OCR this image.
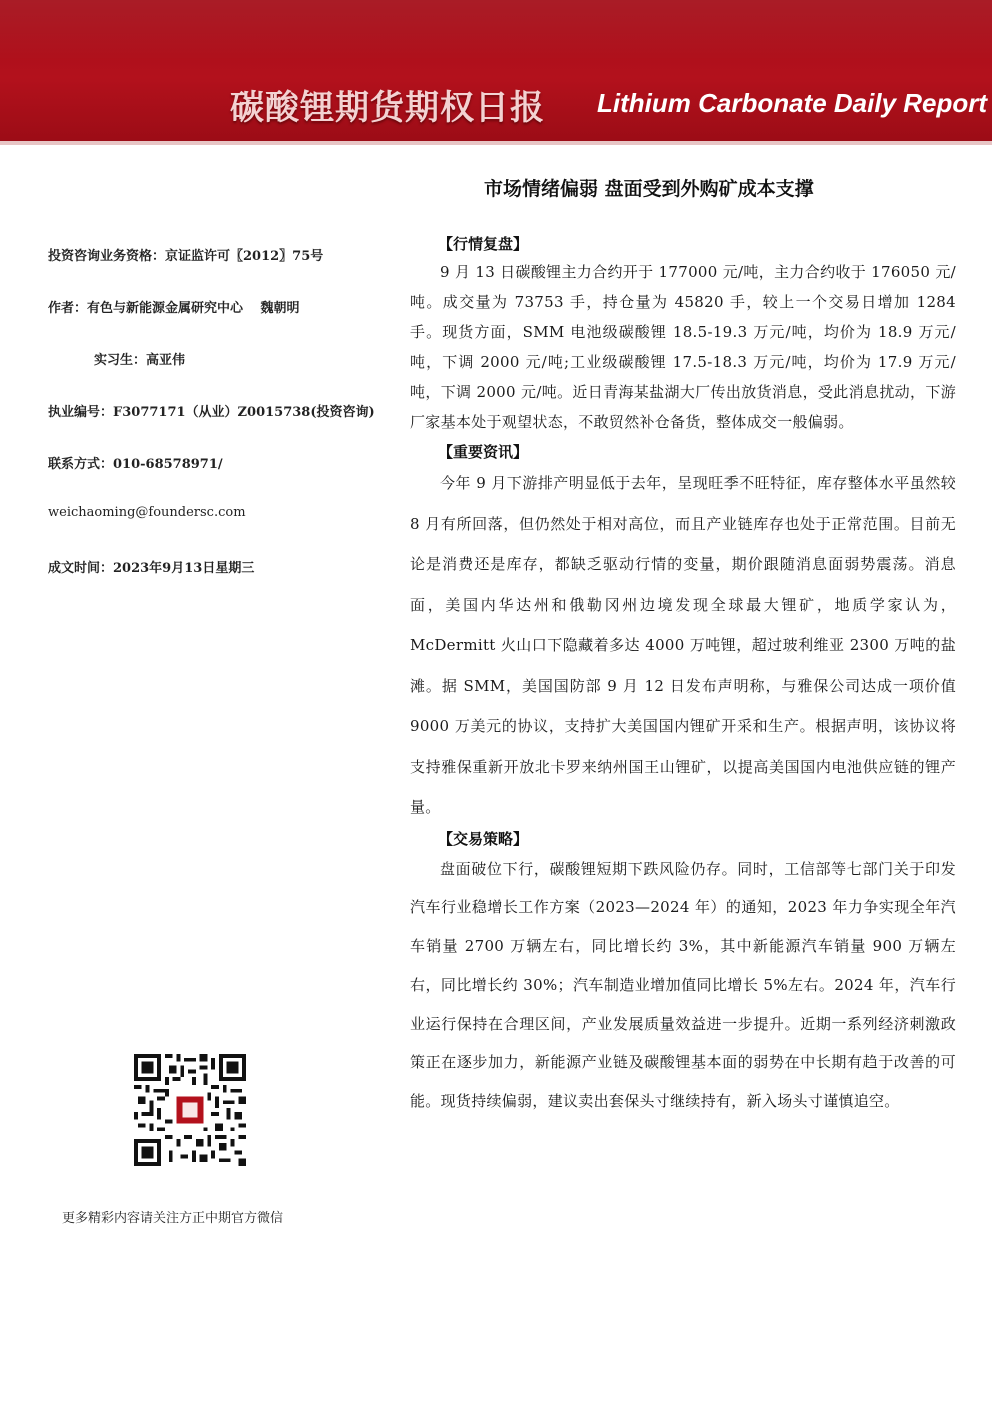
碳酸锂期货期权日报 Lithium Carbonate Daily Report
市场情绪偏弱 盘面受到外购矿成本支撑
投资咨询业务资格：京证监许可〖2012〗75号
作者：有色与新能源金属研究中心　 魏朝明
实习生：高亚伟
执业编号：F3077171（从业）Z0015738(投资咨询)
联系方式：010-68578971/
weichaoming@foundersc.com
成文时间：2023年9月13日星期三
更多精彩内容请关注方正中期官方微信
【行情复盘】

9 月 13 日碳酸锂主力合约开于 177000 元/吨，主力合约收于 176050 元/吨。成交量为 73753 手，持仓量为 45820 手，较上一个交易日增加 1284 手。现货方面，SMM 电池级碳酸锂 18.5-19.3 万元/吨，均价为 18.9 万元/吨，下调 2000 元/吨;工业级碳酸锂 17.5-18.3 万元/吨，均价为 17.9 万元/吨，下调 2000 元/吨。近日青海某盐湖大厂传出放货消息，受此消息扰动，下游厂家基本处于观望状态，不敢贸然补仓备货，整体成交一般偏弱。

【重要资讯】

今年 9 月下游排产明显低于去年，呈现旺季不旺特征，库存整体水平虽然较 8 月有所回落，但仍然处于相对高位，而且产业链库存也处于正常范围。目前无论是消费还是库存，都缺乏驱动行情的变量，期价跟随消息面弱势震荡。消息面，美国内华达州和俄勒冈州边境发现全球最大锂矿，地质学家认为，McDermitt 火山口下隐藏着多达 4000 万吨锂，超过玻利维亚 2300 万吨的盐滩。据 SMM，美国国防部 9 月 12 日发布声明称，与雅保公司达成一项价值 9000 万美元的协议，支持扩大美国国内锂矿开采和生产。根据声明，该协议将支持雅保重新开放北卡罗来纳州国王山锂矿，以提高美国国内电池供应链的锂产量。

【交易策略】

盘面破位下行，碳酸锂短期下跌风险仍存。同时，工信部等七部门关于印发汽车行业稳增长工作方案（2023—2024 年）的通知，2023 年力争实现全年汽车销量 2700 万辆左右，同比增长约 3%，其中新能源汽车销量 900 万辆左右，同比增长约 30%；汽车制造业增加值同比增长 5%左右。2024 年，汽车行业运行保持在合理区间，产业发展质量效益进一步提升。近期一系列经济刺激政策正在逐步加力，新能源产业链及碳酸锂基本面的弱势在中长期有趋于改善的可能。现货持续偏弱，建议卖出套保头寸继续持有，新入场头寸谨慎追空。
